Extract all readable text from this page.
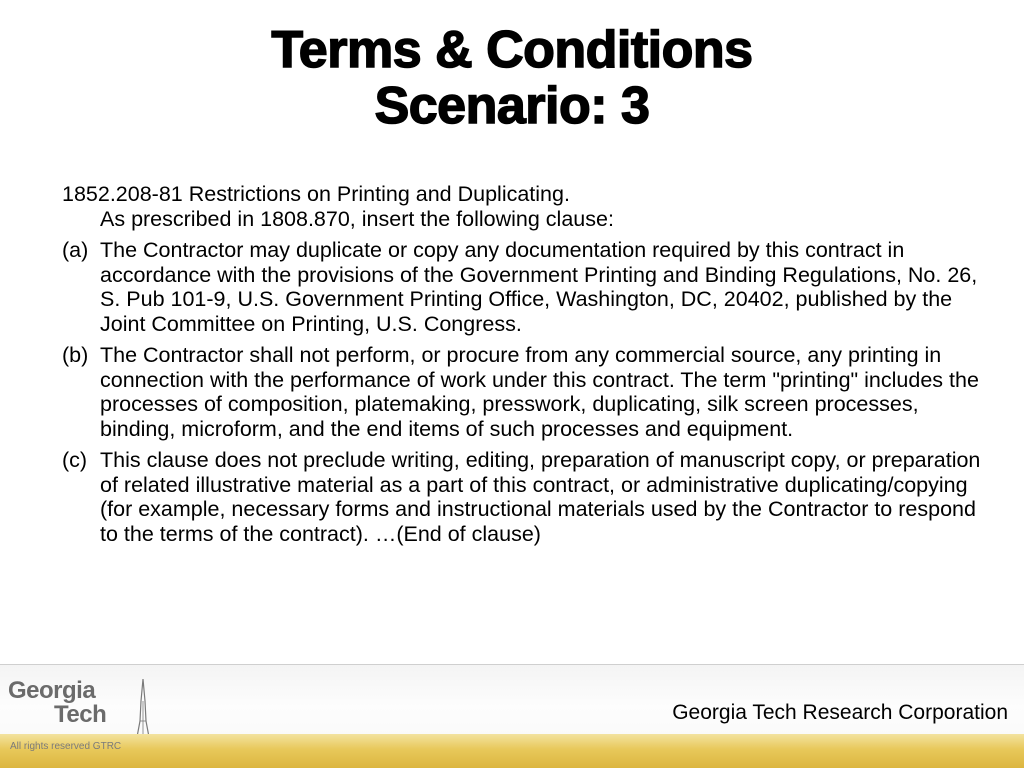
Terms & Conditions
Scenario: 3

1852.208-81 Restrictions on Printing and Duplicating.
As prescribed in 1808.870, insert the following clause:

(a) The Contractor may duplicate or copy any documentation required by this contract in accordance with the provisions of the Government Printing and Binding Regulations, No. 26, S. Pub 101-9, U.S. Government Printing Office, Washington, DC, 20402, published by the Joint Committee on Printing, U.S. Congress.
(b) The Contractor shall not perform, or procure from any commercial source, any printing in connection with the performance of work under this contract. The term "printing" includes the processes of composition, platemaking, presswork, duplicating, silk screen processes, binding, microform, and the end items of such processes and equipment.
(c) This clause does not preclude writing, editing, preparation of manuscript copy, or preparation of related illustrative material as a part of this contract, or administrative duplicating/copying (for example, necessary forms and instructional materials used by the Contractor to respond to the terms of the contract). …(End of clause)
Georgia
Tech	Georgia Tech Research Corporation
All rights reserved GTRC
